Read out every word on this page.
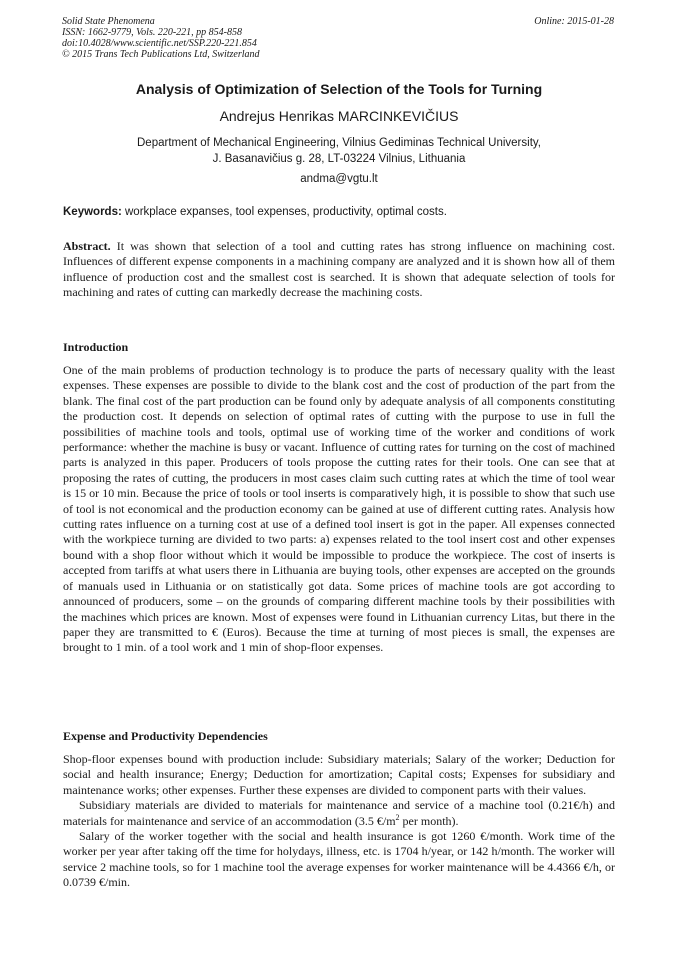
Solid State Phenomena
ISSN: 1662-9779, Vols. 220-221, pp 854-858
doi:10.4028/www.scientific.net/SSP.220-221.854
© 2015 Trans Tech Publications Ltd, Switzerland
Online: 2015-01-28
Analysis of Optimization of Selection of the Tools for Turning
Andrejus Henrikas MARCINKEVIČIUS
Department of Mechanical Engineering, Vilnius Gediminas Technical University,
J. Basanavičius g. 28, LT-03224 Vilnius, Lithuania
andma@vgtu.lt
Keywords: workplace expanses, tool expenses, productivity, optimal costs.
Abstract. It was shown that selection of a tool and cutting rates has strong influence on machining cost. Influences of different expense components in a machining company are analyzed and it is shown how all of them influence of production cost and the smallest cost is searched. It is shown that adequate selection of tools for machining and rates of cutting can markedly decrease the machining costs.
Introduction
One of the main problems of production technology is to produce the parts of necessary quality with the least expenses. These expenses are possible to divide to the blank cost and the cost of production of the part from the blank. The final cost of the part production can be found only by adequate analysis of all components constituting the production cost. It depends on selection of optimal rates of cutting with the purpose to use in full the possibilities of machine tools and tools, optimal use of working time of the worker and conditions of work performance: whether the machine is busy or vacant. Influence of cutting rates for turning on the cost of machined parts is analyzed in this paper. Producers of tools propose the cutting rates for their tools. One can see that at proposing the rates of cutting, the producers in most cases claim such cutting rates at which the time of tool wear is 15 or 10 min. Because the price of tools or tool inserts is comparatively high, it is possible to show that such use of tool is not economical and the production economy can be gained at use of different cutting rates. Analysis how cutting rates influence on a turning cost at use of a defined tool insert is got in the paper. All expenses connected with the workpiece turning are divided to two parts: a) expenses related to the tool insert cost and other expenses bound with a shop floor without which it would be impossible to produce the workpiece. The cost of inserts is accepted from tariffs at what users there in Lithuania are buying tools, other expenses are accepted on the grounds of manuals used in Lithuania or on statistically got data. Some prices of machine tools are got according to announced of producers, some – on the grounds of comparing different machine tools by their possibilities with the machines which prices are known. Most of expenses were found in Lithuanian currency Litas, but there in the paper they are transmitted to € (Euros). Because the time at turning of most pieces is small, the expenses are brought to 1 min. of a tool work and 1 min of shop-floor expenses.
Expense and Productivity Dependencies

Shop-floor expenses bound with production include: Subsidiary materials; Salary of the worker; Deduction for social and health insurance; Energy; Deduction for amortization; Capital costs; Expenses for subsidiary and maintenance works; other expenses. Further these expenses are divided to component parts with their values.

Subsidiary materials are divided to materials for maintenance and service of a machine tool (0.21€/h) and materials for maintenance and service of an accommodation (3.5 $€/m^2$ per month).

Salary of the worker together with the social and health insurance is got 1260 €/month. Work time of the worker per year after taking off the time for holydays, illness, etc. is 1704 h/year, or 142 h/month. The worker will service 2 machine tools, so for 1 machine tool the average expenses for worker maintenance will be 4.4366 €/h, or 0.0739 €/min.
